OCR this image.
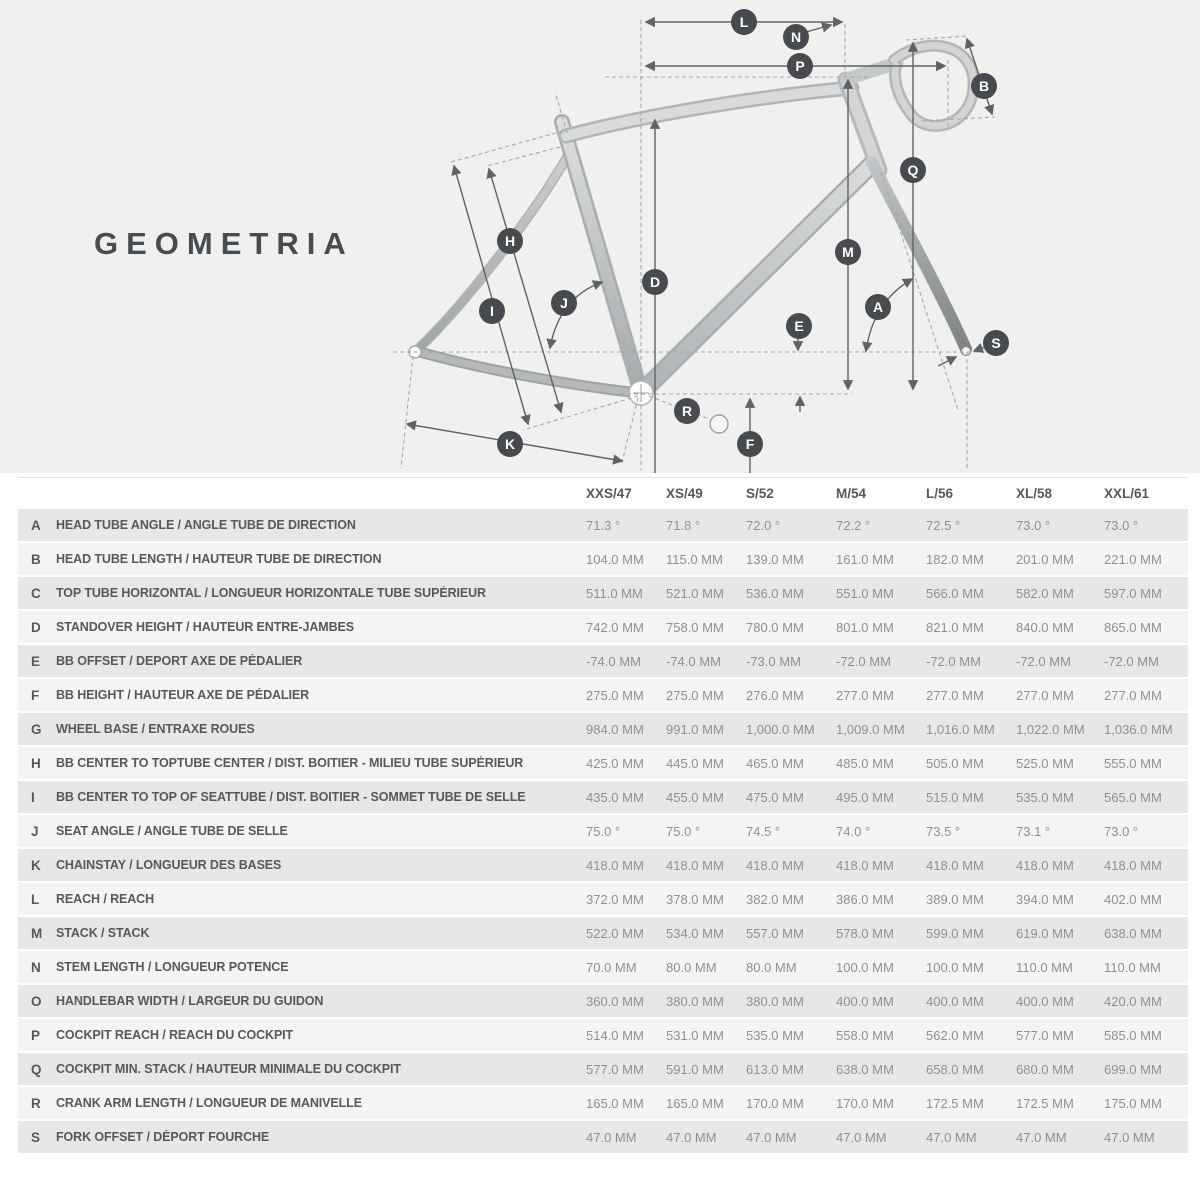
GEOMETRIA
L
N
P
B
Q
H
M
D
J	A
I
E
S
R
K	F
XXS/47	XS/49	S/52	M/54	L/56	XL/58	XXL/61
A	HEAD TUBE ANGLE / ANGLE TUBE DE DIRECTION	71.3 °	71.8 °	72.0 °	72.2 °	72.5 °	73.0 °	73.0 °
B	HEAD TUBE LENGTH / HAUTEUR TUBE DE DIRECTION	104.0 MM	115.0 MM	139.0 MM	161.0 MM	182.0 MM	201.0 MM	221.0 MM
C	TOP TUBE HORIZONTAL / LONGUEUR HORIZONTALE TUBE SUPÉRIEUR	511.0 MM	521.0 MM	536.0 MM	551.0 MM	566.0 MM	582.0 MM	597.0 MM
D	STANDOVER HEIGHT / HAUTEUR ENTRE-JAMBES	742.0 MM	758.0 MM	780.0 MM	801.0 MM	821.0 MM	840.0 MM	865.0 MM
E	BB OFFSET / DEPORT AXE DE PÉDALIER	-74.0 MM	-74.0 MM	-73.0 MM	-72.0 MM	-72.0 MM	-72.0 MM	-72.0 MM
F	BB HEIGHT / HAUTEUR AXE DE PÉDALIER	275.0 MM	275.0 MM	276.0 MM	277.0 MM	277.0 MM	277.0 MM	277.0 MM
G	WHEEL BASE / ENTRAXE ROUES	984.0 MM	991.0 MM	1,000.0 MM	1,009.0 MM	1,016.0 MM	1,022.0 MM	1,036.0 MM
H	BB CENTER TO TOPTUBE CENTER / DIST. BOITIER - MILIEU TUBE SUPÉRIEUR	425.0 MM	445.0 MM	465.0 MM	485.0 MM	505.0 MM	525.0 MM	555.0 MM
I	BB CENTER TO TOP OF SEATTUBE / DIST. BOITIER - SOMMET TUBE DE SELLE	435.0 MM	455.0 MM	475.0 MM	495.0 MM	515.0 MM	535.0 MM	565.0 MM
J	SEAT ANGLE / ANGLE TUBE DE SELLE	75.0 °	75.0 °	74.5 °	74.0 °	73.5 °	73.1 °	73.0 °
K	CHAINSTAY / LONGUEUR DES BASES	418.0 MM	418.0 MM	418.0 MM	418.0 MM	418.0 MM	418.0 MM	418.0 MM
L	REACH / REACH	372.0 MM	378.0 MM	382.0 MM	386.0 MM	389.0 MM	394.0 MM	402.0 MM
M	STACK / STACK	522.0 MM	534.0 MM	557.0 MM	578.0 MM	599.0 MM	619.0 MM	638.0 MM
N	STEM LENGTH / LONGUEUR POTENCE	70.0 MM	80.0 MM	80.0 MM	100.0 MM	100.0 MM	110.0 MM	110.0 MM
O	HANDLEBAR WIDTH / LARGEUR DU GUIDON	360.0 MM	380.0 MM	380.0 MM	400.0 MM	400.0 MM	400.0 MM	420.0 MM
P	COCKPIT REACH / REACH DU COCKPIT	514.0 MM	531.0 MM	535.0 MM	558.0 MM	562.0 MM	577.0 MM	585.0 MM
Q	COCKPIT MIN. STACK / HAUTEUR MINIMALE DU COCKPIT	577.0 MM	591.0 MM	613.0 MM	638.0 MM	658.0 MM	680.0 MM	699.0 MM
R	CRANK ARM LENGTH / LONGUEUR DE MANIVELLE	165.0 MM	165.0 MM	170.0 MM	170.0 MM	172.5 MM	172.5 MM	175.0 MM
S	FORK OFFSET / DÉPORT FOURCHE	47.0 MM	47.0 MM	47.0 MM	47.0 MM	47.0 MM	47.0 MM	47.0 MM
